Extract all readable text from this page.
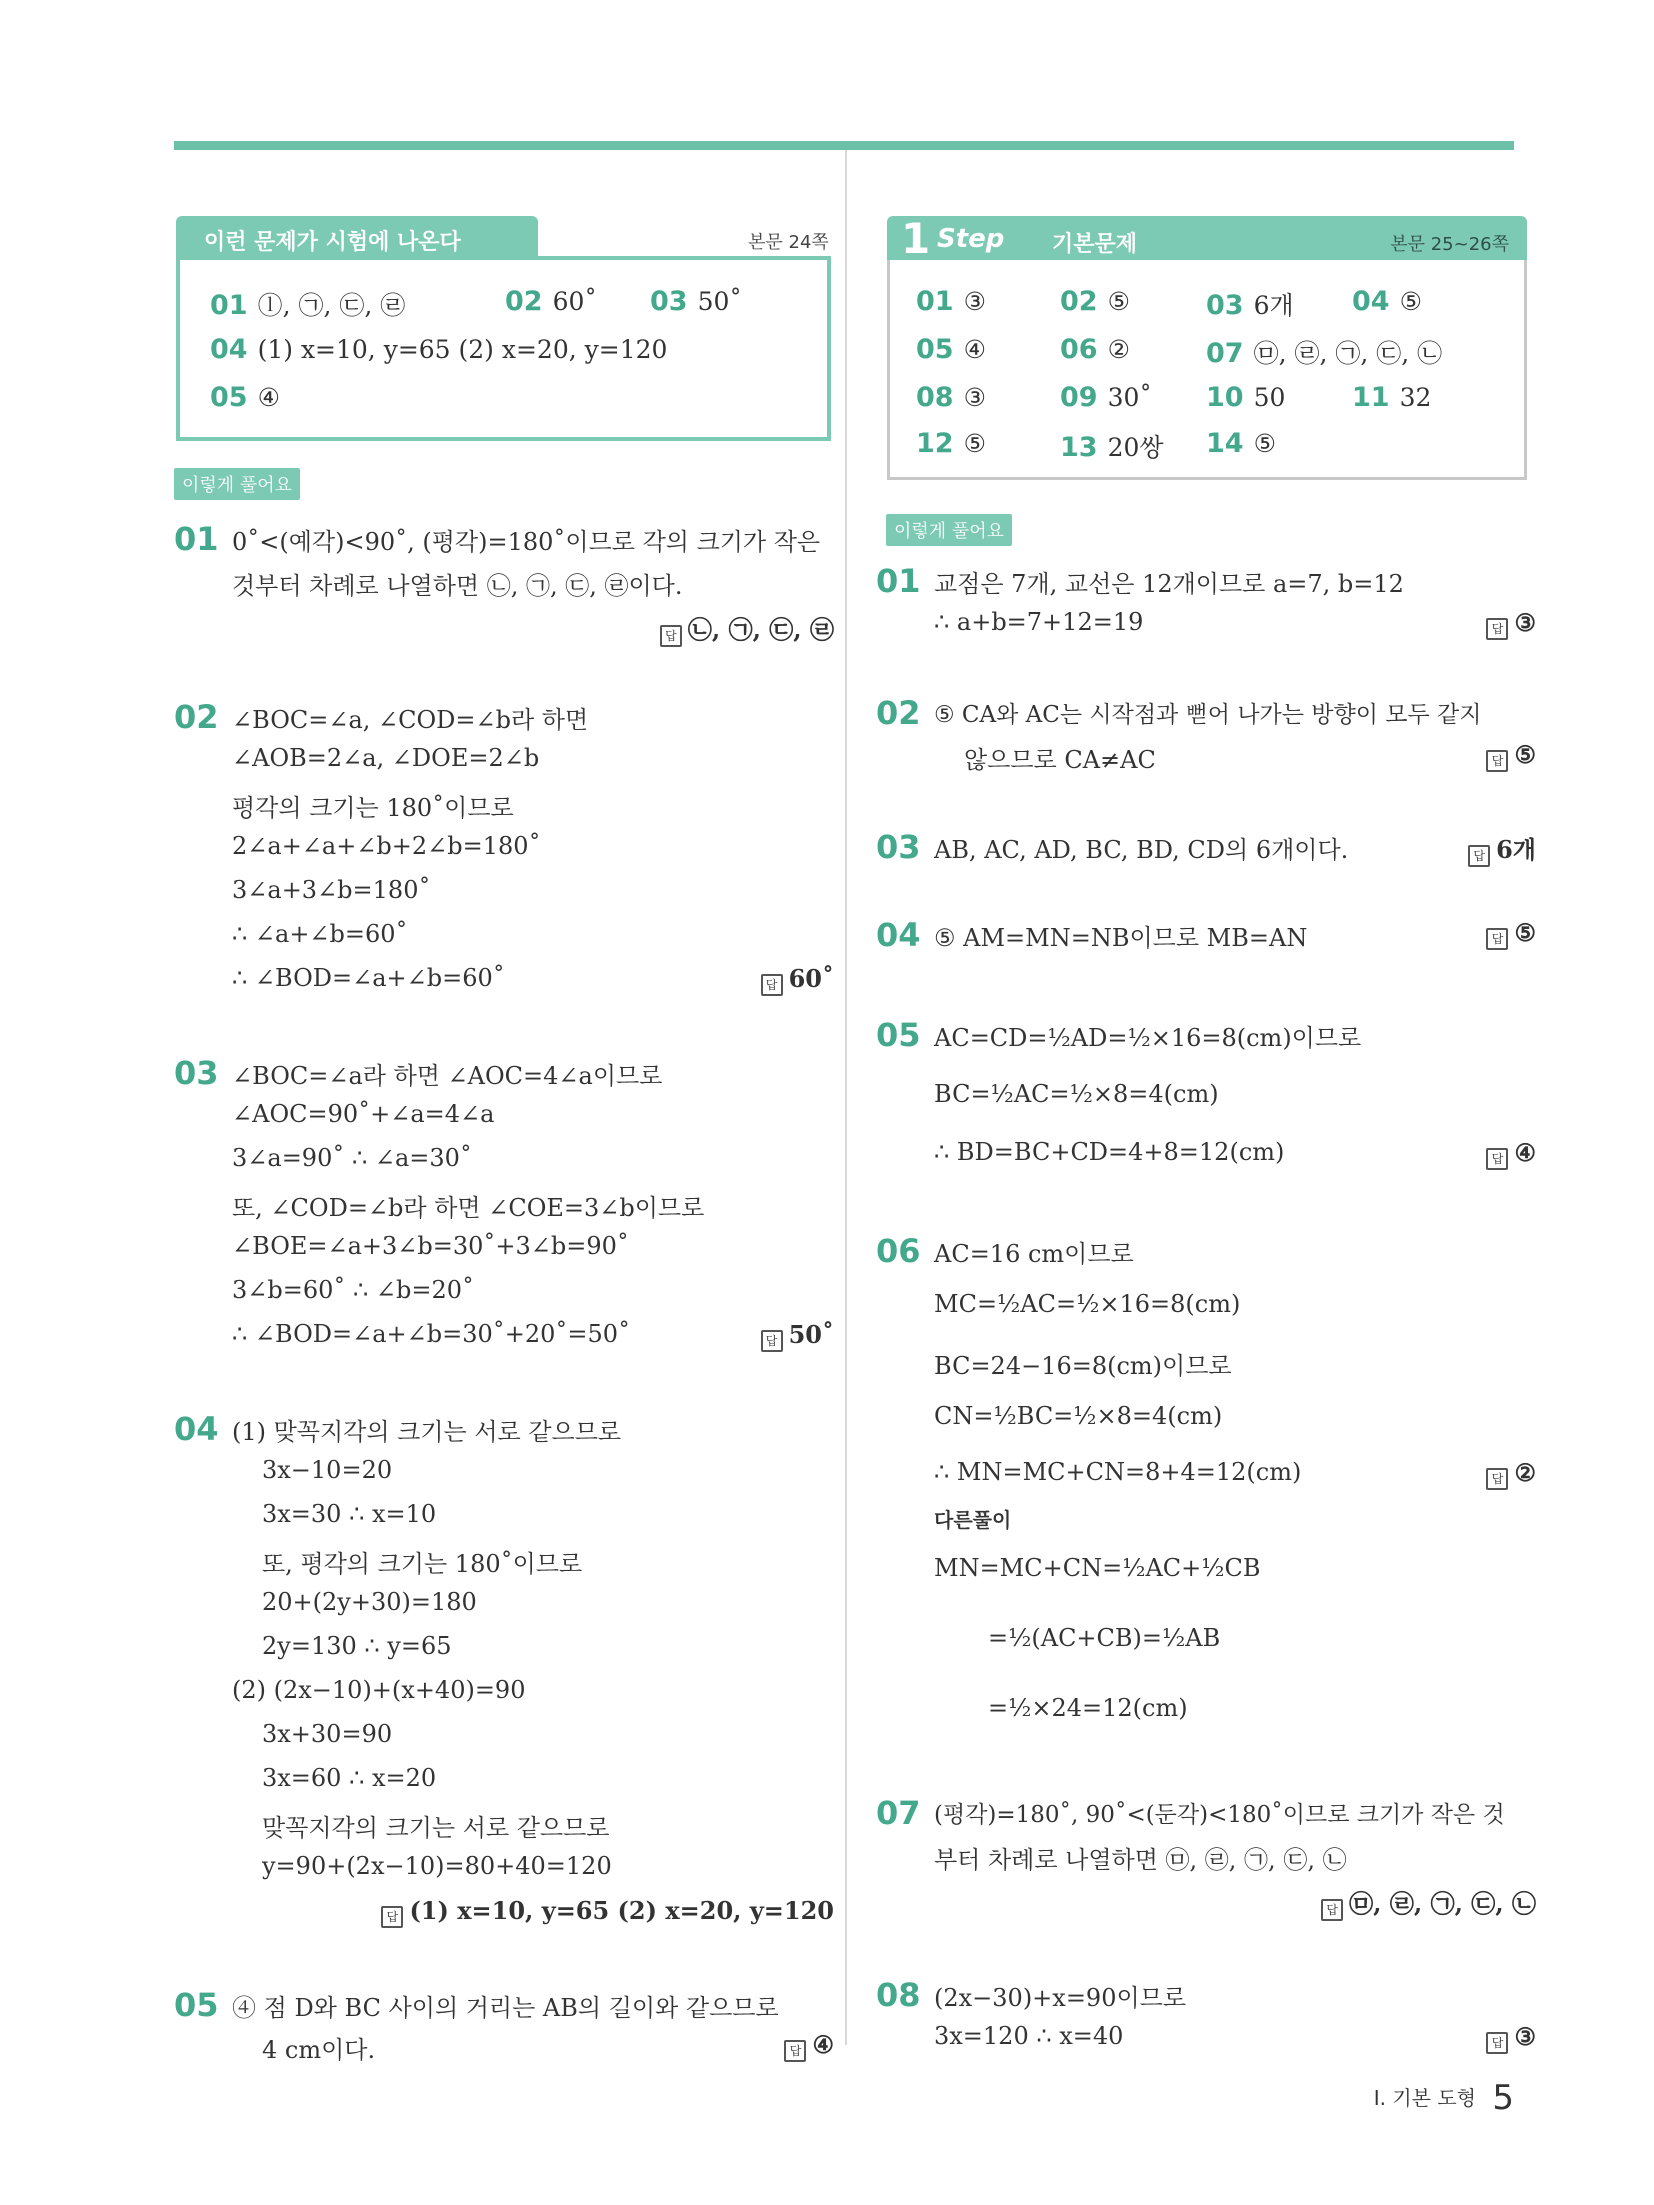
이런 문제가 시험에 나온다	본문 24쪽
01 ⓛ, ㉠, ㉢, ㉣	02 60˚ 03 50˚
04 (1) x=10, y=65 (2) x=20, y=120
05 ④
1 Step 기본문제	본문 25~26쪽
01 ③	02 ⑤	03 6개 04 ⑤
05 ④	06 ②	07 ㉤, ㉣, ㉠, ㉢, ㉡
08 ③	09 30˚ 10 50 11 32
12 ⑤	13 20쌍 14 ⑤
이렇게 풀어요
이렇게 풀어요
01 0˚<(예각)<90˚, (평각)=180˚이므로 각의 크기가 작은
것부터 차례로 나열하면 ㉡, ㉠, ㉢, ㉣이다.
답 ㉡, ㉠, ㉢, ㉣
02 ∠BOC=∠a, ∠COD=∠b라 하면
∠AOB=2∠a, ∠DOE=2∠b
평각의 크기는 180˚이므로
2∠a+∠a+∠b+2∠b=180˚
3∠a+3∠b=180˚
∴ ∠a+∠b=60˚
∴ ∠BOD=∠a+∠b=60˚	답 60˚
03 ∠BOC=∠a라 하면 ∠AOC=4∠a이므로
∠AOC=90˚+∠a=4∠a
3∠a=90˚ ∴ ∠a=30˚
또, ∠COD=∠b라 하면 ∠COE=3∠b이므로
∠BOE=∠a+3∠b=30˚+3∠b=90˚
3∠b=60˚ ∴ ∠b=20˚
∴ ∠BOD=∠a+∠b=30˚+20˚=50˚	답 50˚
04 (1) 맞꼭지각의 크기는 서로 같으므로
3x−10=20
3x=30 ∴ x=10
또, 평각의 크기는 180˚이므로
20+(2y+30)=180
2y=130 ∴ y=65
(2) (2x−10)+(x+40)=90
3x+30=90
3x=60 ∴ x=20
맞꼭지각의 크기는 서로 같으므로
y=90+(2x−10)=80+40=120
답 (1) x=10, y=65 (2) x=20, y=120
05 ④ 점 D와 BC 사이의 거리는 AB의 길이와 같으므로
4 cm이다.	답 ④
01 교점은 7개, 교선은 12개이므로 a=7, b=12
∴ a+b=7+12=19	답 ③
02 ⑤ CA와 AC는 시작점과 뻗어 나가는 방향이 모두 같지
않으므로 CA≠AC	답 ⑤
03 AB, AC, AD, BC, BD, CD의 6개이다.	답 6개
04 ⑤ AM=MN=NB이므로 MB=AN	답 ⑤
05 AC=CD=½AD=½×16=8(cm)이므로
BC=½AC=½×8=4(cm)
∴ BD=BC+CD=4+8=12(cm)	답 ④
06 AC=16 cm이므로
MC=½AC=½×16=8(cm)
BC=24−16=8(cm)이므로
CN=½BC=½×8=4(cm)
∴ MN=MC+CN=8+4=12(cm)	답 ②
다른풀이
MN=MC+CN=½AC+½CB
=½(AC+CB)=½AB
=½×24=12(cm)
07 (평각)=180˚, 90˚<(둔각)<180˚이므로 크기가 작은 것
부터 차례로 나열하면 ㉤, ㉣, ㉠, ㉢, ㉡
답 ㉤, ㉣, ㉠, ㉢, ㉡
08 (2x−30)+x=90이므로
3x=120 ∴ x=40	답 ③
I. 기본 도형 5
